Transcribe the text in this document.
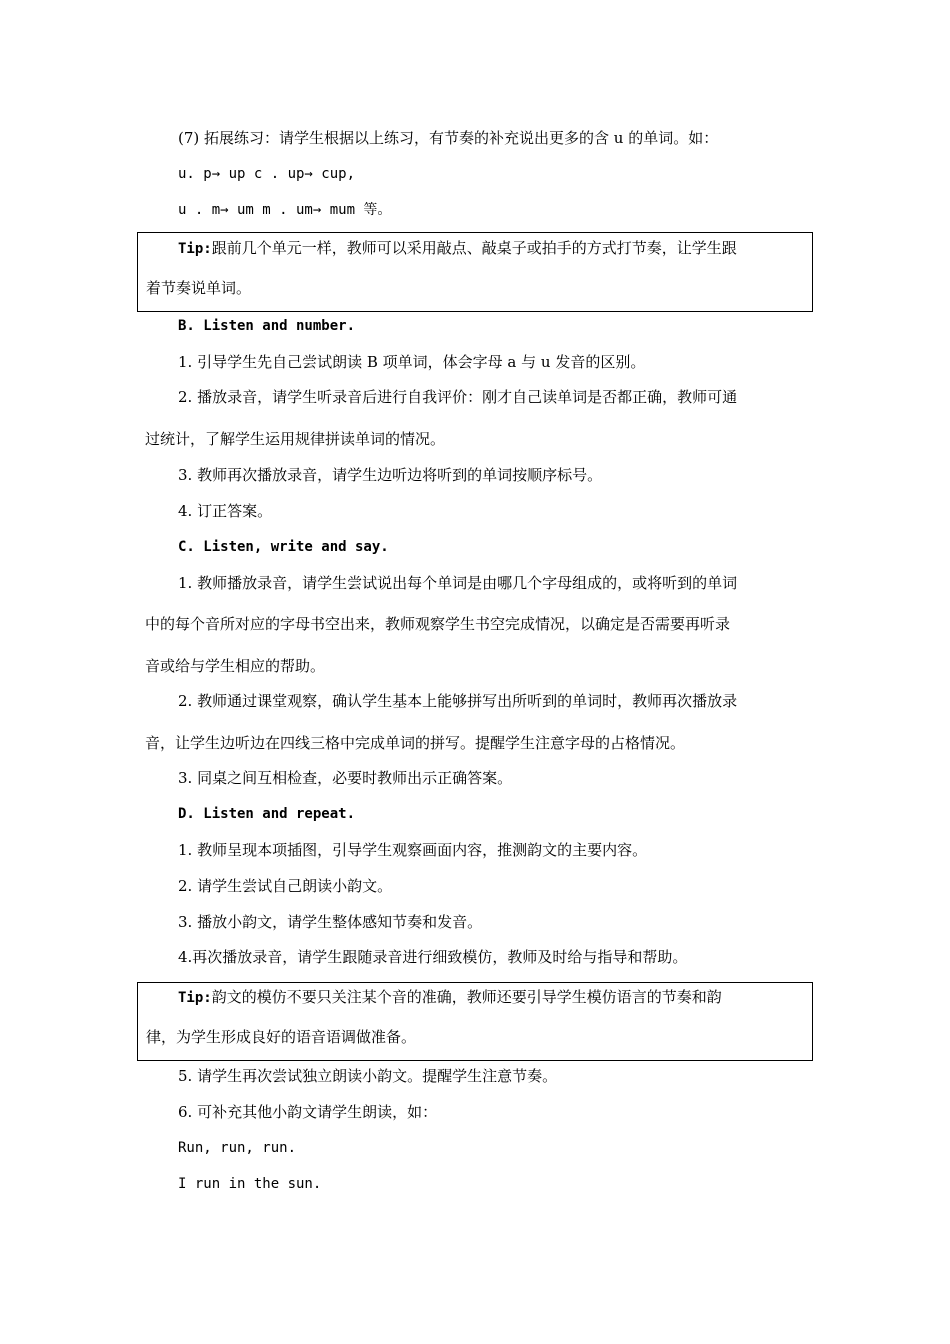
(7) 拓展练习：请学生根据以上练习，有节奏的补充说出更多的含 u 的单词。如：
u. p→ up c . up→ cup,
u . m→ um m . um→ mum 等。
Tip:跟前几个单元一样，教师可以采用敲点、敲桌子或拍手的方式打节奏，让学生跟
着节奏说单词。
B. Listen and number.
1. 引导学生先自己尝试朗读 B 项单词，体会字母 a 与 u 发音的区别。
2. 播放录音，请学生听录音后进行自我评价：刚才自己读单词是否都正确，教师可通
过统计，了解学生运用规律拼读单词的情况。
3. 教师再次播放录音，请学生边听边将听到的单词按顺序标号。
4. 订正答案。
C. Listen, write and say.
1. 教师播放录音，请学生尝试说出每个单词是由哪几个字母组成的，或将听到的单词
中的每个音所对应的字母书空出来，教师观察学生书空完成情况，以确定是否需要再听录
音或给与学生相应的帮助。
2. 教师通过课堂观察，确认学生基本上能够拼写出所听到的单词时，教师再次播放录
音，让学生边听边在四线三格中完成单词的拼写。提醒学生注意字母的占格情况。
3. 同桌之间互相检查，必要时教师出示正确答案。
D. Listen and repeat.
1. 教师呈现本项插图，引导学生观察画面内容，推测韵文的主要内容。
2. 请学生尝试自己朗读小韵文。
3. 播放小韵文，请学生整体感知节奏和发音。
4.再次播放录音，请学生跟随录音进行细致模仿，教师及时给与指导和帮助。
Tip:韵文的模仿不要只关注某个音的准确，教师还要引导学生模仿语言的节奏和韵
律，为学生形成良好的语音语调做准备。
5. 请学生再次尝试独立朗读小韵文。提醒学生注意节奏。
6. 可补充其他小韵文请学生朗读，如：
Run, run, run.
I run in the sun.
